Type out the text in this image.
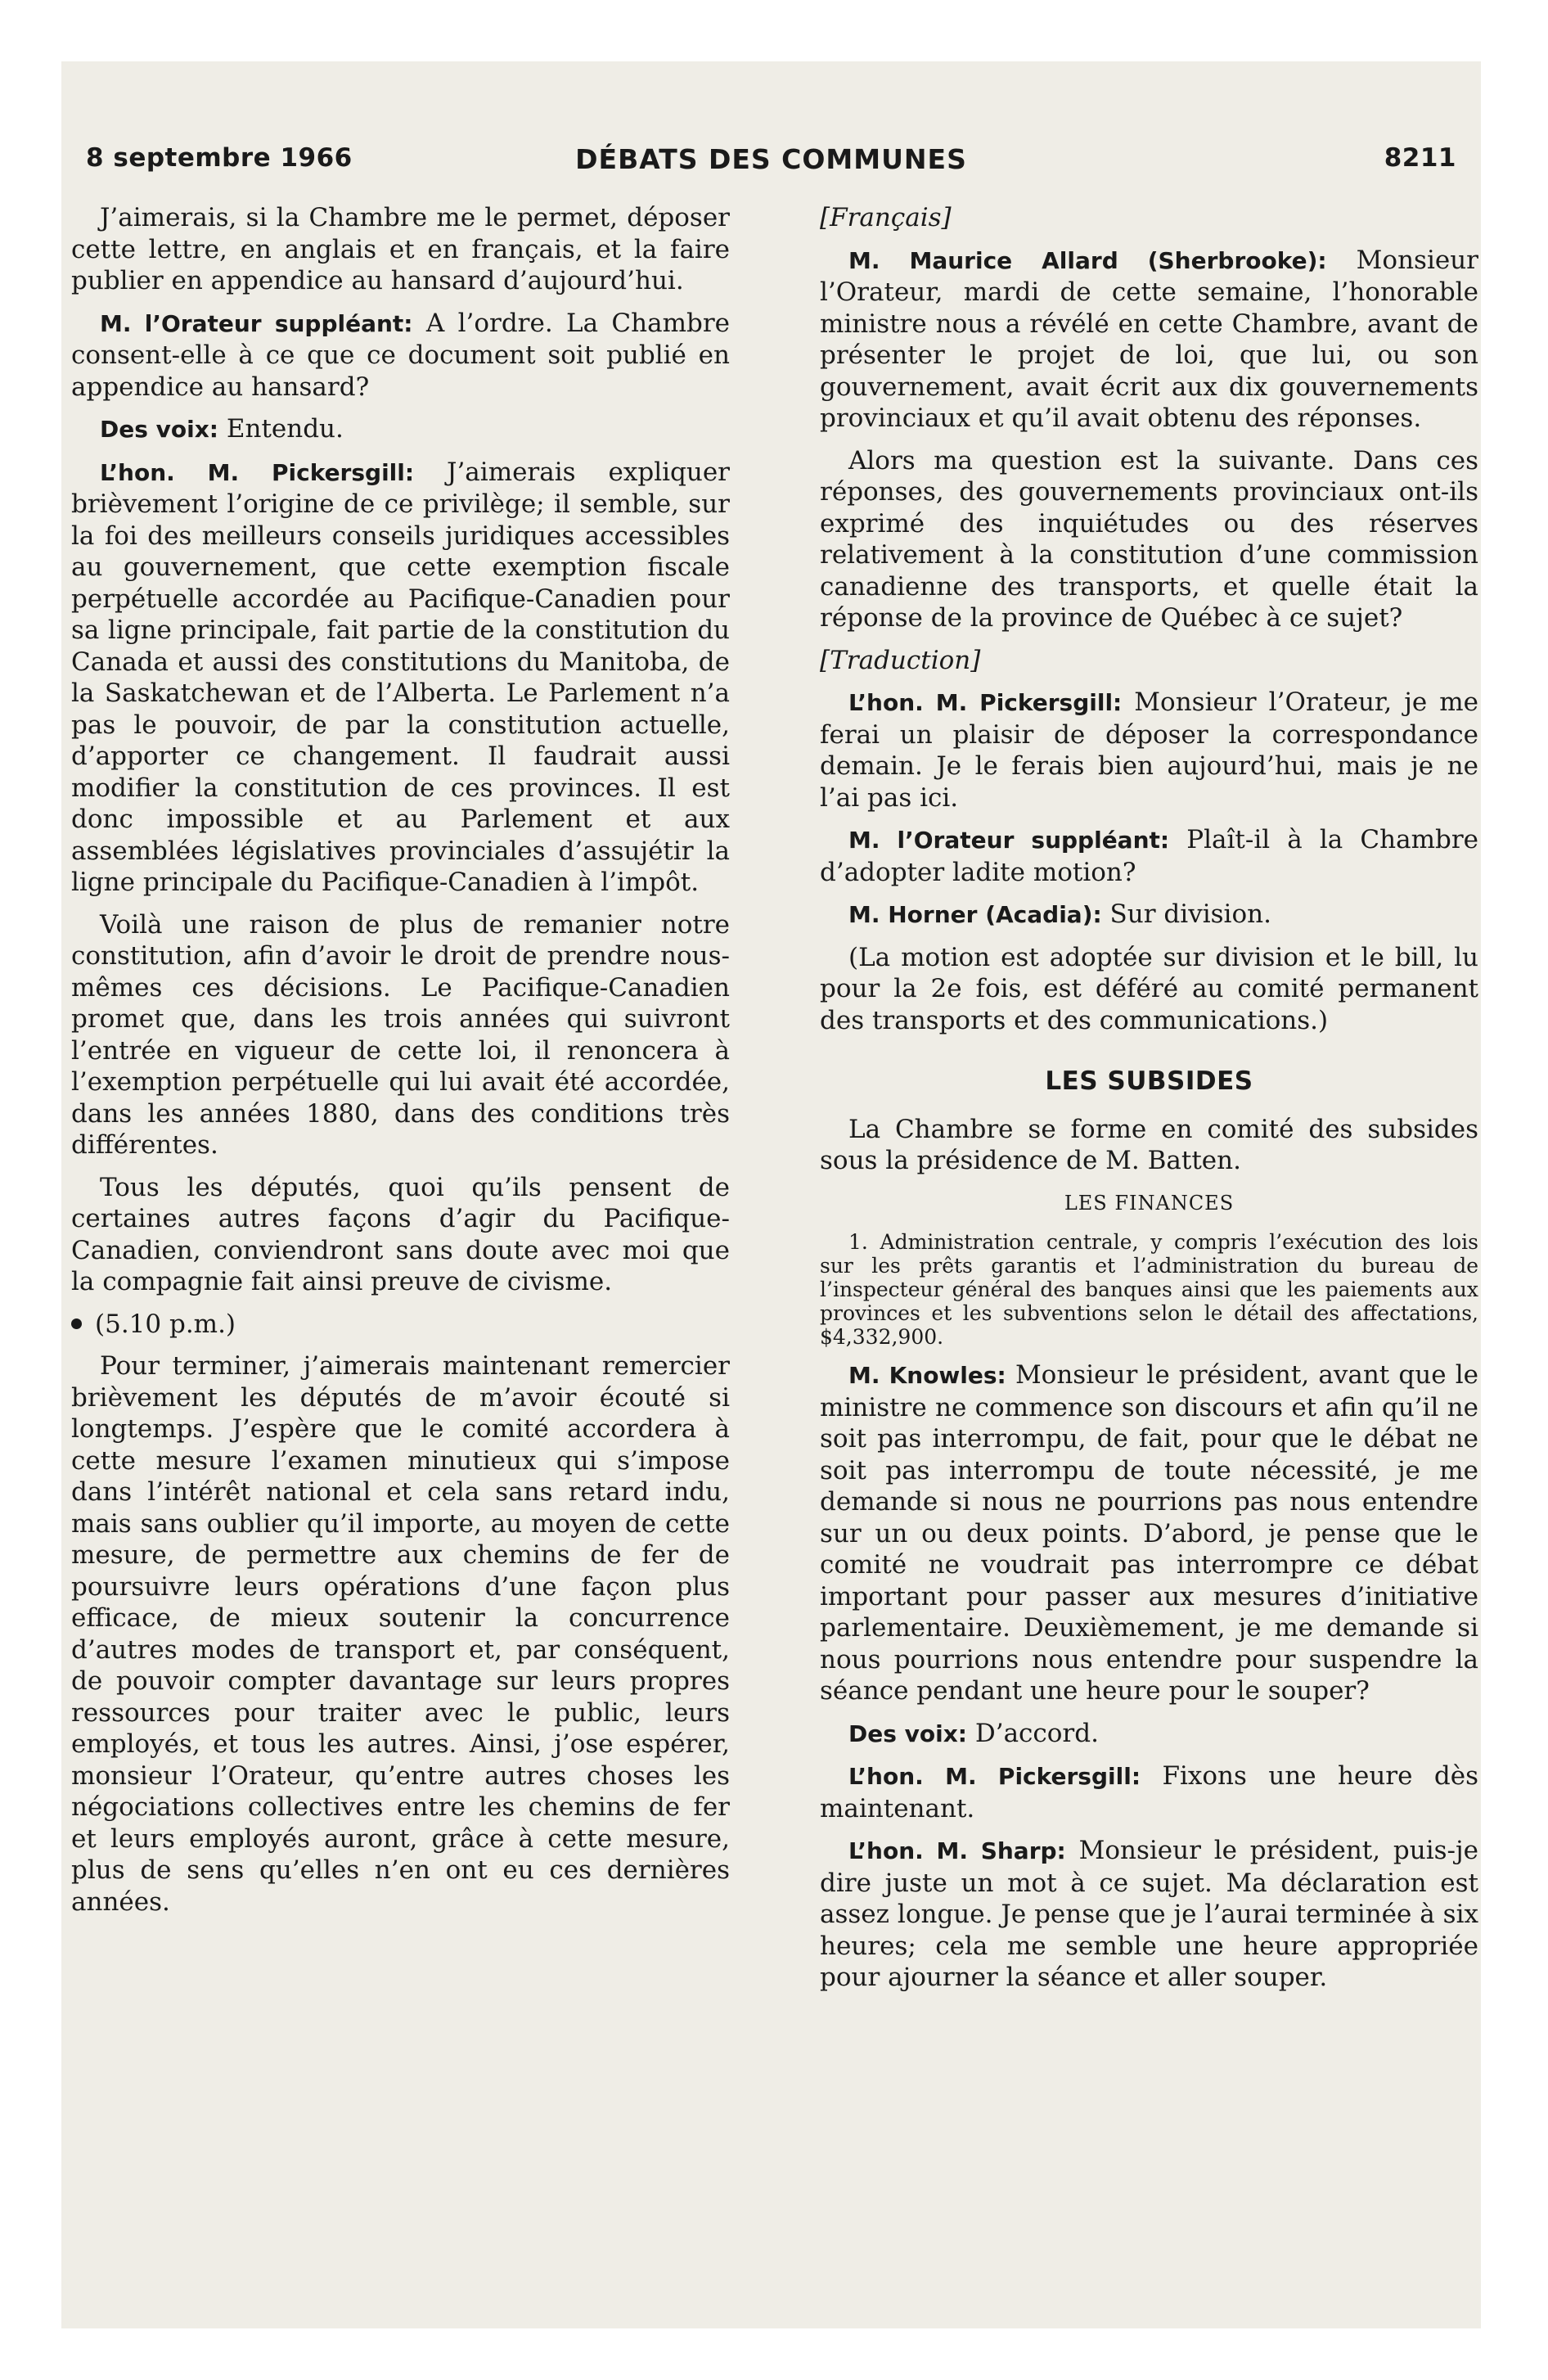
8 septembre 1966	DÉBATS DES COMMUNES	8211

J’aimerais, si la Chambre me le permet, déposer cette lettre, en anglais et en français, et la faire publier en appendice au hansard d’aujourd’hui.

M. l’Orateur suppléant: A l’ordre. La Chambre consent-elle à ce que ce document soit publié en appendice au hansard?

Des voix: Entendu.

L’hon. M. Pickersgill: J’aimerais expliquer brièvement l’origine de ce privilège; il semble, sur la foi des meilleurs conseils juridiques accessibles au gouvernement, que cette exemption fiscale perpétuelle accordée au Pacifique-Canadien pour sa ligne principale, fait partie de la constitution du Canada et aussi des constitutions du Manitoba, de la Saskatchewan et de l’Alberta. Le Parlement n’a pas le pouvoir, de par la constitution actuelle, d’apporter ce changement. Il faudrait aussi modifier la constitution de ces provinces. Il est donc impossible et au Parlement et aux assemblées législatives provinciales d’assujétir la ligne principale du Pacifique-Canadien à l’impôt.

Voilà une raison de plus de remanier notre constitution, afin d’avoir le droit de prendre nous-mêmes ces décisions. Le Pacifique-Canadien promet que, dans les trois années qui suivront l’entrée en vigueur de cette loi, il renoncera à l’exemption perpétuelle qui lui avait été accordée, dans les années 1880, dans des conditions très différentes.

Tous les députés, quoi qu’ils pensent de certaines autres façons d’agir du Pacifique-Canadien, conviendront sans doute avec moi que la compagnie fait ainsi preuve de civisme.

(5.10 p.m.)

Pour terminer, j’aimerais maintenant remercier brièvement les députés de m’avoir écouté si longtemps. J’espère que le comité accordera à cette mesure l’examen minutieux qui s’impose dans l’intérêt national et cela sans retard indu, mais sans oublier qu’il importe, au moyen de cette mesure, de permettre aux chemins de fer de poursuivre leurs opérations d’une façon plus efficace, de mieux soutenir la concurrence d’autres modes de transport et, par conséquent, de pouvoir compter davantage sur leurs propres ressources pour traiter avec le public, leurs employés, et tous les autres. Ainsi, j’ose espérer, monsieur l’Orateur, qu’entre autres choses les négociations collectives entre les chemins de fer et leurs employés auront, grâce à cette mesure, plus de sens qu’elles n’en ont eu ces dernières années.

[Français]

M. Maurice Allard (Sherbrooke): Monsieur l’Orateur, mardi de cette semaine, l’honorable ministre nous a révélé en cette Chambre, avant de présenter le projet de loi, que lui, ou son gouvernement, avait écrit aux dix gouvernements provinciaux et qu’il avait obtenu des réponses.

Alors ma question est la suivante. Dans ces réponses, des gouvernements provinciaux ont-ils exprimé des inquiétudes ou des réserves relativement à la constitution d’une commission canadienne des transports, et quelle était la réponse de la province de Québec à ce sujet?

[Traduction]

L’hon. M. Pickersgill: Monsieur l’Orateur, je me ferai un plaisir de déposer la correspondance demain. Je le ferais bien aujourd’hui, mais je ne l’ai pas ici.

M. l’Orateur suppléant: Plaît-il à la Chambre d’adopter ladite motion?

M. Horner (Acadia): Sur division.

(La motion est adoptée sur division et le bill, lu pour la 2e fois, est déféré au comité permanent des transports et des communications.)

LES SUBSIDES

La Chambre se forme en comité des subsides sous la présidence de M. Batten.

LES FINANCES

1. Administration centrale, y compris l’exécution des lois sur les prêts garantis et l’administration du bureau de l’inspecteur général des banques ainsi que les paiements aux provinces et les subventions selon le détail des affectations, $4,332,900.

M. Knowles: Monsieur le président, avant que le ministre ne commence son discours et afin qu’il ne soit pas interrompu, de fait, pour que le débat ne soit pas interrompu de toute nécessité, je me demande si nous ne pourrions pas nous entendre sur un ou deux points. D’abord, je pense que le comité ne voudrait pas interrompre ce débat important pour passer aux mesures d’initiative parlementaire. Deuxièmement, je me demande si nous pourrions nous entendre pour suspendre la séance pendant une heure pour le souper?

Des voix: D’accord.

L’hon. M. Pickersgill: Fixons une heure dès maintenant.

L’hon. M. Sharp: Monsieur le président, puis-je dire juste un mot à ce sujet. Ma déclaration est assez longue. Je pense que je l’aurai terminée à six heures; cela me semble une heure appropriée pour ajourner la séance et aller souper.
